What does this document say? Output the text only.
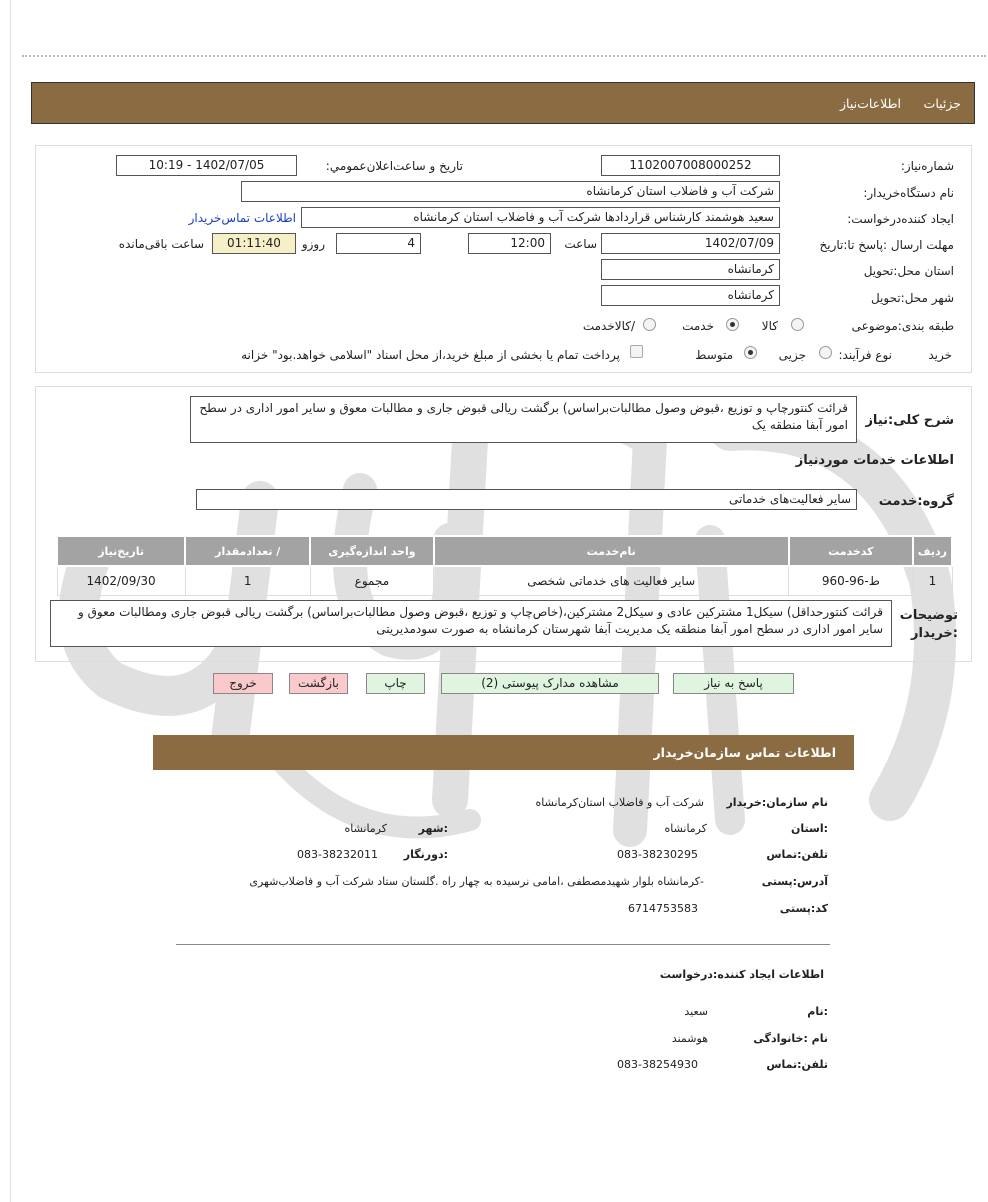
جزئیات
اطلاعات‌نیاز
شماره‌نیاز:
1102007008000252
تاریخ و ساعت‌اعلان‌عمومي:
1402/07/05 - 10:19
نام دستگاه‌خریدار:
شرکت آب و فاضلاب استان کرمانشاه
ایجاد کننده‌درخواست:
سعید هوشمند کارشناس قراردادها شرکت آب و فاضلاب استان کرمانشاه
اطلاعات تماس‌خریدار
مهلت ارسال :پاسخ تا:تاریخ
1402/07/09
ساعت
12:00
4
روزو
01:11:40
ساعت باقی‌مانده
استان محل:تحویل
کرمانشاه
شهر محل:تحویل
کرمانشاه
طبقه بندی:موضوعی
کالا
خدمت
/کالاخدمت
نوع فرآیند:	خرید
جزیی
متوسط
پرداخت تمام یا بخشی از مبلغ خرید،از محل اسناد "اسلامی خواهد.بود" خزانه
شرح کلی:نیاز
قرائت کنتورچاپ و توزیع ،قبوض وصول مطالبات‌براساس) برگشت ریالی قبوض جاری و مطالبات معوق و سایر امور اداری در سطح امور آبفا منطقه یک
اطلاعات خدمات موردنیاز
گروه:خدمت
سایر فعالیت‌های خدماتی
ردیف	کدخدمت	نام‌خدمت	واحد اندازه‌گیری	/ تعدادمقدار	تاریخ‌نیاز
1	ط-96-960	سایر فعالیت های خدماتی شخصی	مجموع	1	1402/09/30
توضیحات :خریدار
قرائت کنتورحداقل) سیکل1 مشترکین عادی و سیکل2 مشترکین،(خاص‌چاپ و توزیع ،قبوض وصول مطالبات‌براساس) برگشت ریالی قبوض جاری ومطالبات معوق و سایر امور اداری در سطح امور آبفا منطقه یک مدیریت آبفا شهرستان کرمانشاه به صورت سودمدیریتی
پاسخ به نیاز
مشاهده مدارک پیوستی (2)
چاپ
بازگشت
خروج
اطلاعات تماس سازمان‌خریدار
نام سازمان:خریدار
شرکت آب و فاضلاب استان‌کرمانشاه
:استان
کرمانشاه
:شهر
کرمانشاه
تلفن:تماس
083-38230295
:دورنگار
083-38232011
آدرس:پستی
-کرمانشاه بلوار شهیدمصطفی ،امامی نرسیده به چهار راه .گلستان ستاد شرکت آب و فاضلاب‌شهری
کد:پستی
6714753583
اطلاعات ایجاد کننده:درخواست
:نام
سعید
نام :خانوادگی
هوشمند
تلفن:تماس
083-38254930
